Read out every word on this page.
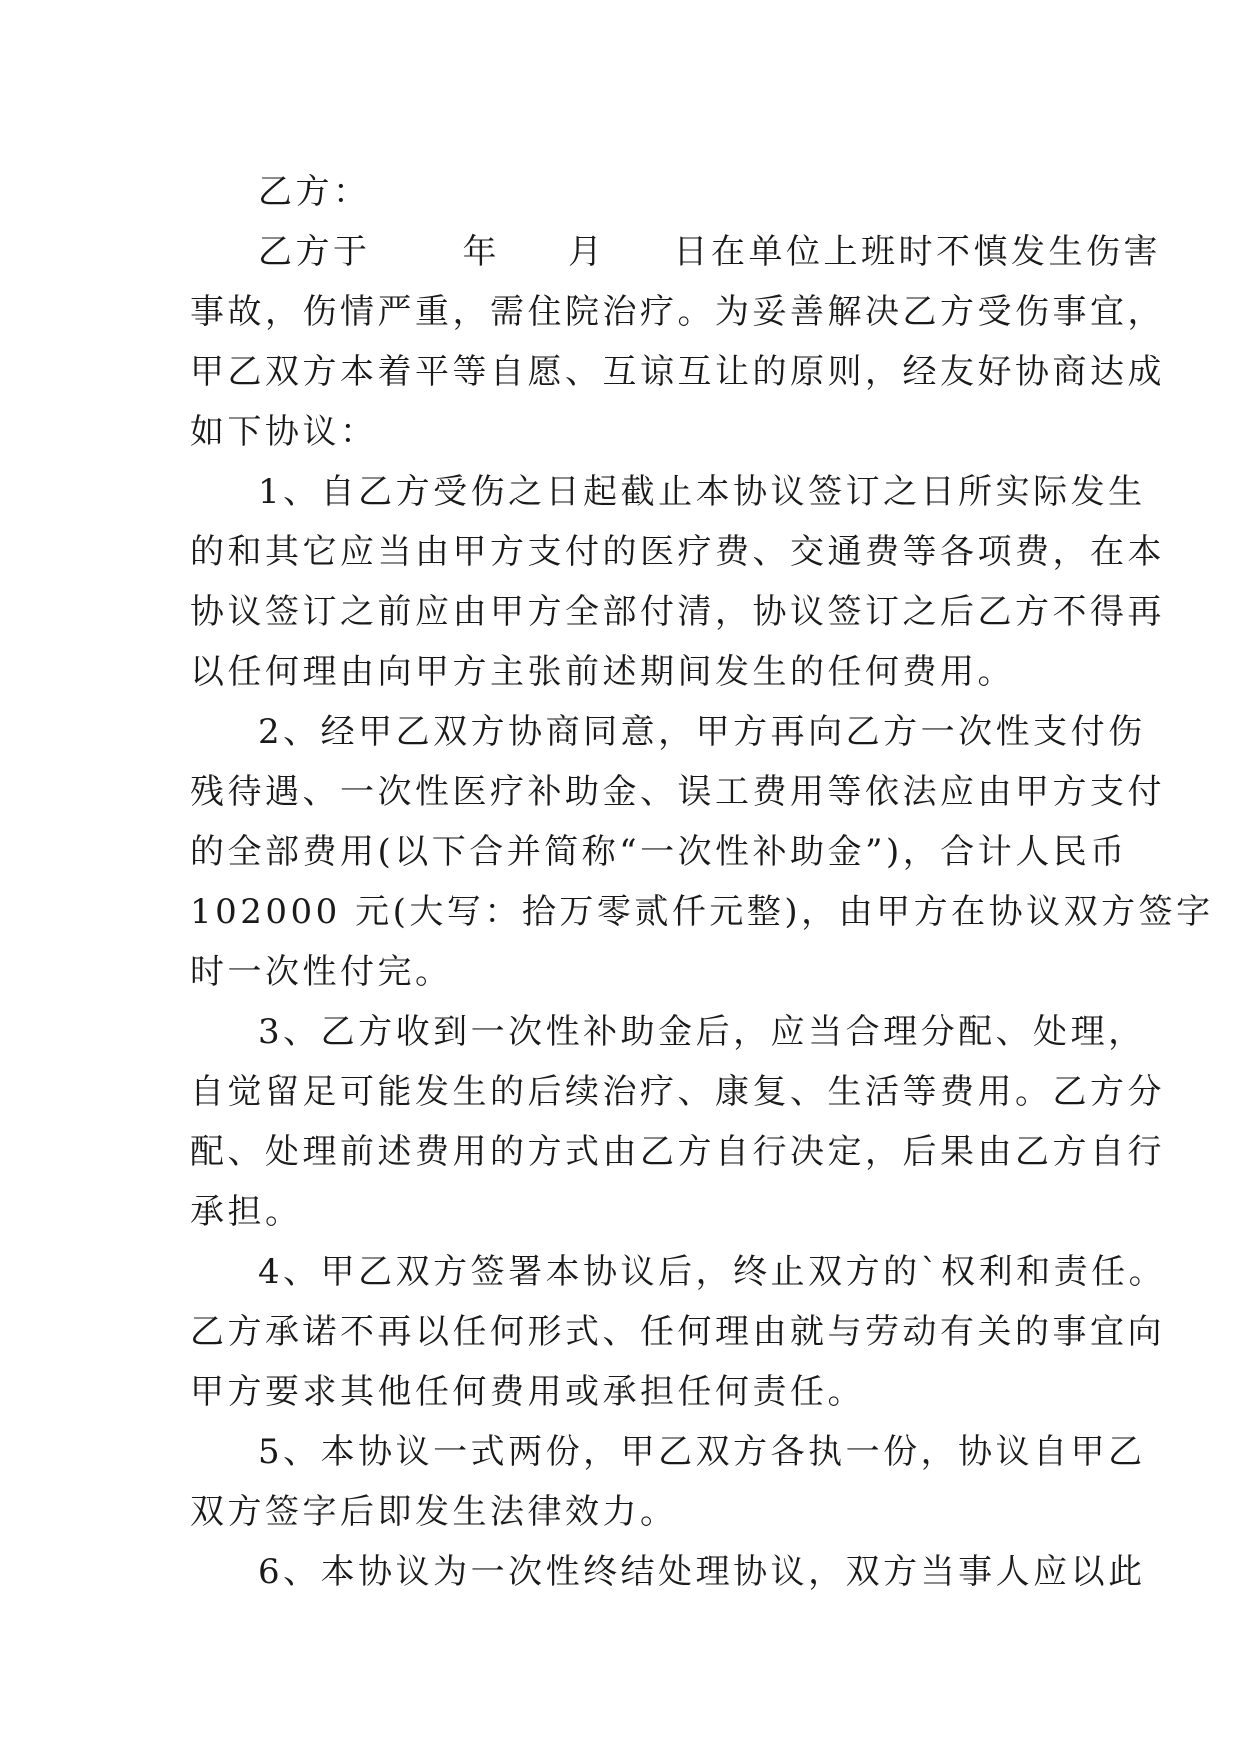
乙方：
乙方于	年 月 日在单位上班时不慎发生伤害
事故，伤情严重，需住院治疗。为妥善解决乙方受伤事宜，
甲乙双方本着平等自愿、互谅互让的原则，经友好协商达成
如下协议：
1、自乙方受伤之日起截止本协议签订之日所实际发生
的和其它应当由甲方支付的医疗费、交通费等各项费，在本
协议签订之前应由甲方全部付清，协议签订之后乙方不得再
以任何理由向甲方主张前述期间发生的任何费用。
2、经甲乙双方协商同意，甲方再向乙方一次性支付伤
残待遇、一次性医疗补助金、误工费用等依法应由甲方支付
的全部费用(以下合并简称“一次性补助金”)，合计人民币
102000 元(大写：拾万零贰仟元整)，由甲方在协议双方签字
时一次性付完。
3、乙方收到一次性补助金后，应当合理分配、处理，
自觉留足可能发生的后续治疗、康复、生活等费用。乙方分
配、处理前述费用的方式由乙方自行决定，后果由乙方自行
承担。
4、甲乙双方签署本协议后，终止双方的`权利和责任。
乙方承诺不再以任何形式、任何理由就与劳动有关的事宜向
甲方要求其他任何费用或承担任何责任。
5、本协议一式两份，甲乙双方各执一份，协议自甲乙
双方签字后即发生法律效力。
6、本协议为一次性终结处理协议，双方当事人应以此
